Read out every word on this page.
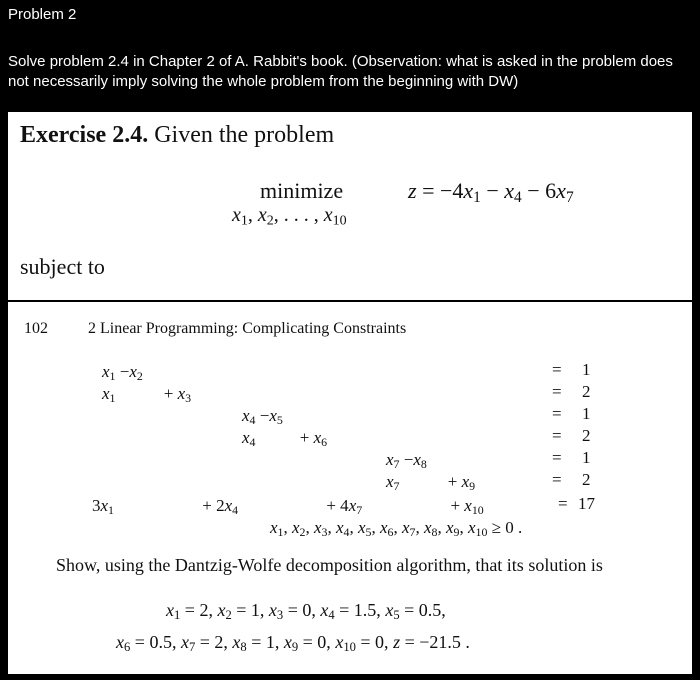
Problem 2
Solve problem 2.4 in Chapter 2 of A. Rabbit's book. (Observation: what is asked in the problem does not necessarily imply solving the whole problem from the beginning with DW)
Exercise 2.4. Given the problem
minimize
$x_1$, $x_2$, . . . , $x_{10}$
$z = -4x_1 - x_4 - 6x_7$
subject to
102	2 Linear Programming: Complicating Constraints
$x_1 -x_2$	= 1
$x_1$	+ $x_3$	= 2
$x_4 -x_5$	= 1
$x_4$	+ $x_6$	= 2
$x_7 -x_8$	= 1
$x_7$	+ $x_9$	= 2
$3x_1$	+ $2x_4$	+ $4x_7$	+ $x_{10}$	= 17
$x_1$, $x_2$, $x_3$, $x_4$, $x_5$, $x_6$, $x_7$, $x_8$, $x_9$, $x_{10} \ge 0$ .
Show, using the Dantzig-Wolfe decomposition algorithm, that its solution is
$x_1 = 2$, $x_2 = 1$, $x_3 = 0$, $x_4 = 1.5$, $x_5 = 0.5$,
$x_6 = 0.5$, $x_7 = 2$, $x_8 = 1$, $x_9 = 0$, $x_{10} = 0$, z = −21.5 .
